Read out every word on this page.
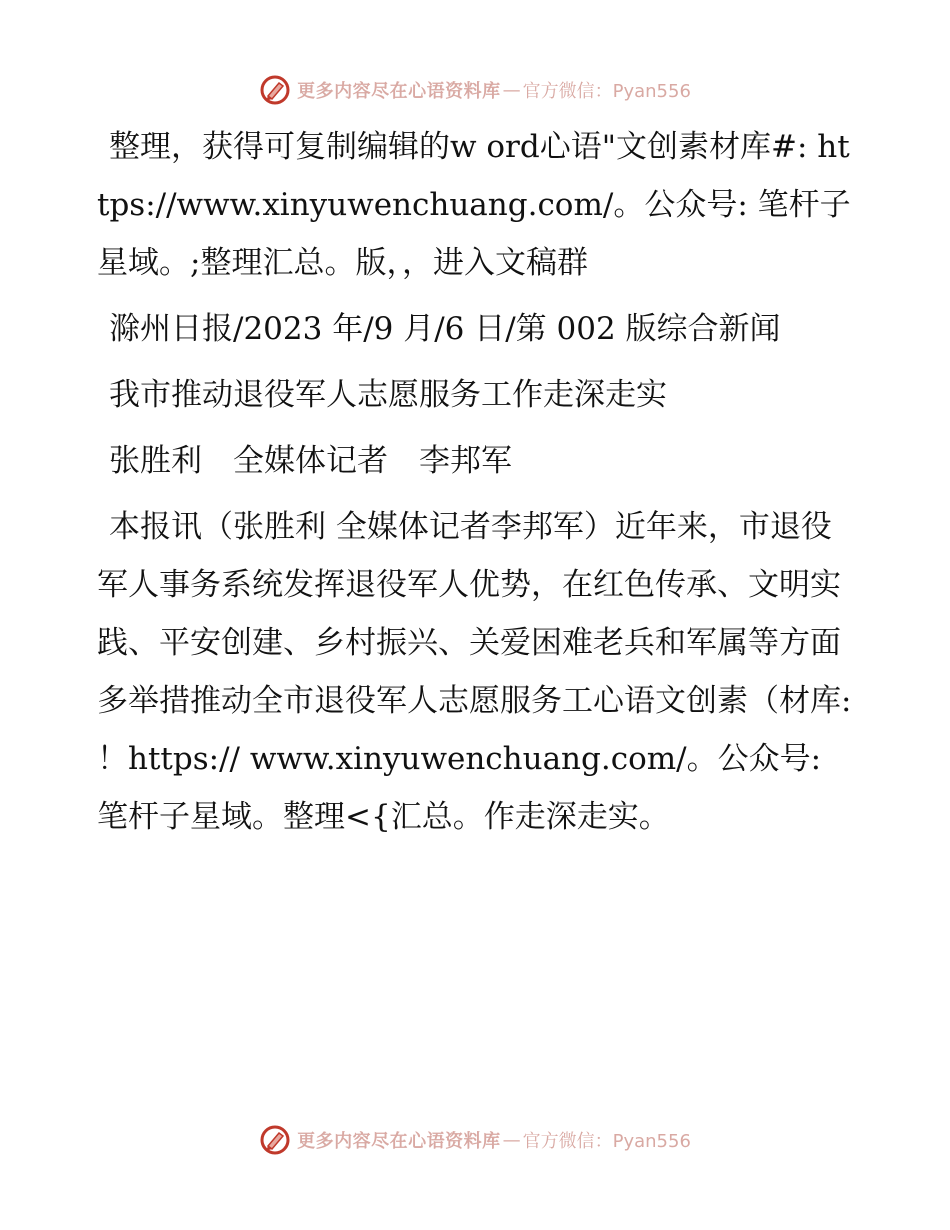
更多内容尽在心语资料库 — 官方微信：Pyan556

整理，获得可复制编辑的w ord心语"文创素材库#: https://www.xinyuwenchuang.com/。公众号: 笔杆子星域。;整理汇总。版，，进入文稿群

滁州日报/2023 年/9 月/6 日/第 002 版综合新闻

我市推动退役军人志愿服务工作走深走实

张胜利　全媒体记者　李邦军

本报讯（张胜利 全媒体记者李邦军）近年来，市退役军人事务系统发挥退役军人优势，在红色传承、文明实践、平安创建、乡村振兴、关爱困难老兵和军属等方面多举措推动全市退役军人志愿服务工心语文创素（材库: ！https:// www.xinyuwenchuang.com/。公众号: 笔杆子星域。整理<{汇总。作走深走实。

更多内容尽在心语资料库 — 官方微信：Pyan556
